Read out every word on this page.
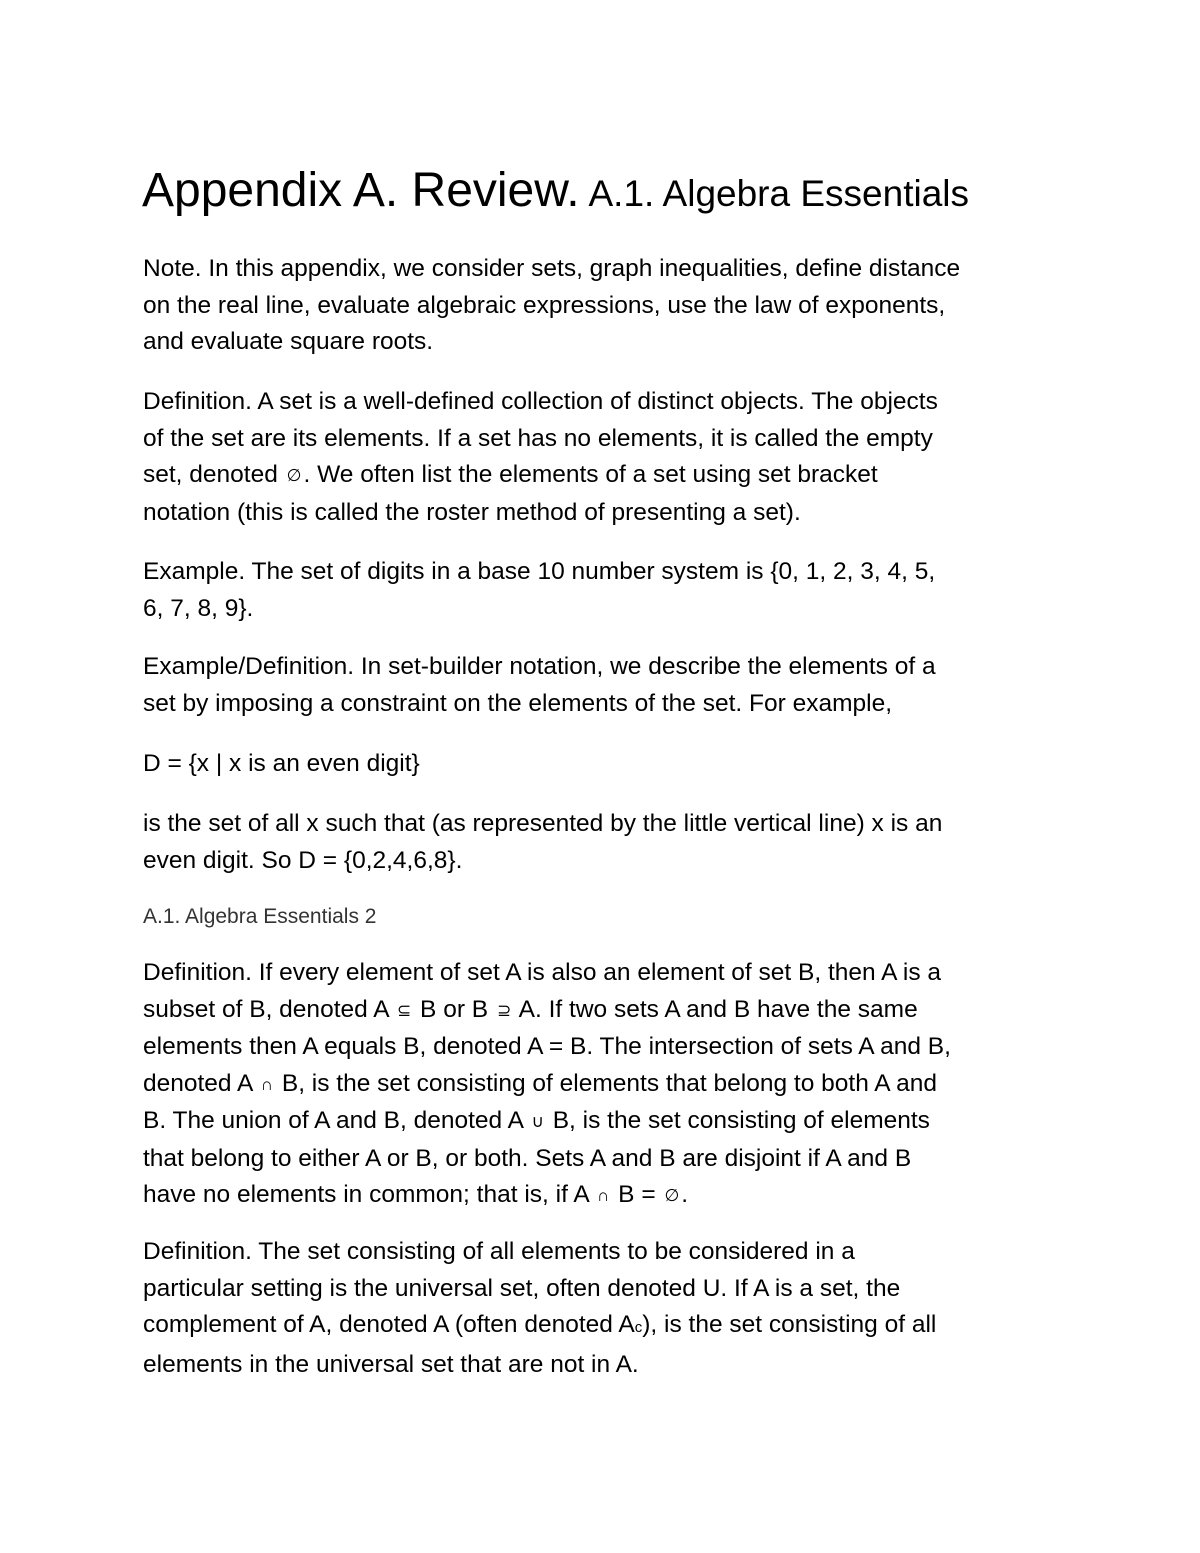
Appendix A. Review. A.1. Algebra Essentials
Note. In this appendix, we consider sets, graph inequalities, define distance
on the real line, evaluate algebraic expressions, use the law of exponents,
and evaluate square roots.
Definition. A set is a well-defined collection of distinct objects. The objects
of the set are its elements. If a set has no elements, it is called the empty
set, denoted ∅. We often list the elements of a set using set bracket
notation (this is called the roster method of presenting a set).
Example. The set of digits in a base 10 number system is {0, 1, 2, 3, 4, 5,
6, 7, 8, 9}.
Example/Definition. In set-builder notation, we describe the elements of a
set by imposing a constraint on the elements of the set. For example,
D = {x | x is an even digit}
is the set of all x such that (as represented by the little vertical line) x is an
even digit. So D = {0,2,4,6,8}.
A.1. Algebra Essentials 2
Definition. If every element of set A is also an element of set B, then A is a
subset of B, denoted A ⊆ B or B ⊇ A. If two sets A and B have the same
elements then A equals B, denoted A = B. The intersection of sets A and B,
denoted A ∩ B, is the set consisting of elements that belong to both A and
B. The union of A and B, denoted A ∪ B, is the set consisting of elements
that belong to either A or B, or both. Sets A and B are disjoint if A and B
have no elements in common; that is, if A ∩ B = ∅.
Definition. The set consisting of all elements to be considered in a
particular setting is the universal set, often denoted U. If A is a set, the
complement of A, denoted A (often denoted Ac), is the set consisting of all
elements in the universal set that are not in A.
